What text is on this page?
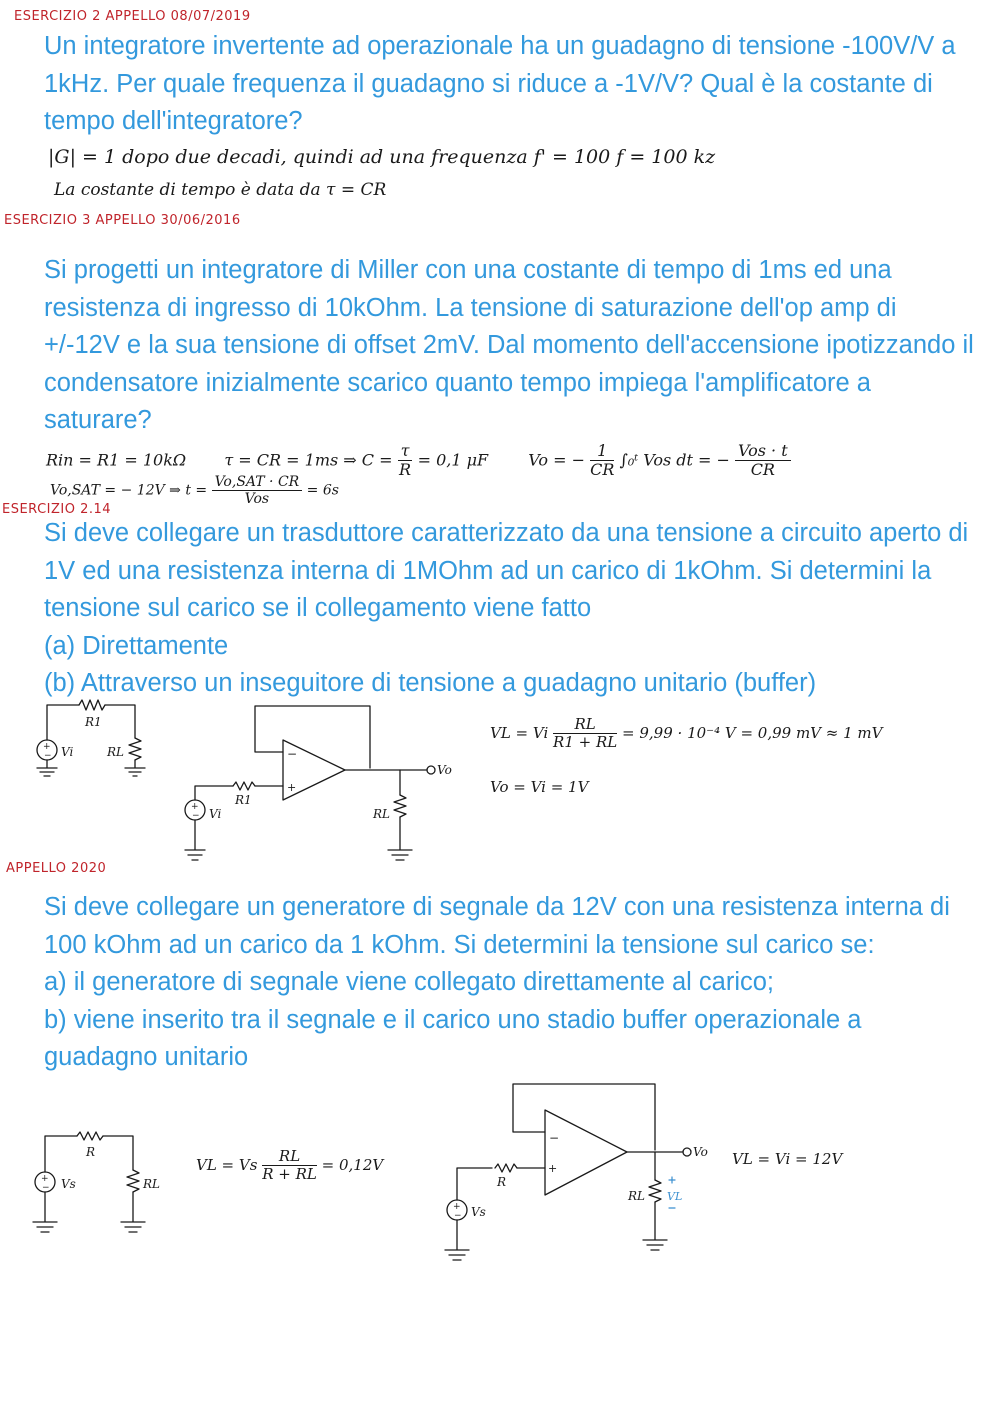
ESERCIZIO 2 APPELLO 08/07/2019
Un integratore invertente ad operazionale ha un guadagno di tensione -100V/V a 1kHz. Per quale frequenza il guadagno si riduce a -1V/V? Qual è la costante di tempo dell'integratore?
|G| = 1 dopo due decadi, quindi ad una frequenza f' = 100 f = 100 kz
La costante di tempo è data da τ = CR
ESERCIZIO 3 APPELLO 30/06/2016
Si progetti un integratore di Miller con una costante di tempo di 1ms ed una resistenza di ingresso di 10kOhm. La tensione di saturazione dell'op amp di +/-12V e la sua tensione di offset 2mV. Dal momento dell'accensione ipotizzando il condensatore inizialmente scarico quanto tempo impiega l'amplificatore a saturare?
Rin = R1 = 10kΩ τ = CR = 1ms ⇒ $C = \frac{\tau}{R} = 0,1$ μF	Vo = − $\frac{1}{CR}$ ∫₀ᵗ Vos dt = − $\frac{\text{Vos · t}}{CR}$
Vo,SAT = − 12V ⇒ $t = \frac{\text{Vo,SAT · CR}}{\text{Vos}} = 6s$
ESERCIZIO 2.14

Si deve collegare un trasduttore caratterizzato da una tensione a circuito aperto di 1V ed una resistenza interna di 1MOhm ad un carico di 1kOhm. Si determini la tensione sul carico se il collegamento viene fatto

(a) Direttamente

(b) Attraverso un inseguitore di tensione a guadagno unitario (buffer)

+
−
R1
RL
Vi	−
+
+
−
R1
Vi	RL
Vo
VL = Vi $\frac{RL}{R1 + RL} = 9,99 \cdot 10^{-4}$ V = 0,99 mV ≈ 1 mV
Vo = Vi = 1V
APPELLO 2020

Si deve collegare un generatore di segnale da 12V con una resistenza interna di 100 kOhm ad un carico da 1 kOhm. Si determini la tensione sul carico se:

a) il generatore di segnale viene collegato direttamente al carico;

b) viene inserito tra il segnale e il carico uno stadio buffer operazionale a guadagno unitario

+
−
R
RL
Vs
VL = Vs $\frac{RL}{R + RL} = 0,12V$
−
+
+
−
R
Vs
RL VL
Vo VL = Vi = 12V
